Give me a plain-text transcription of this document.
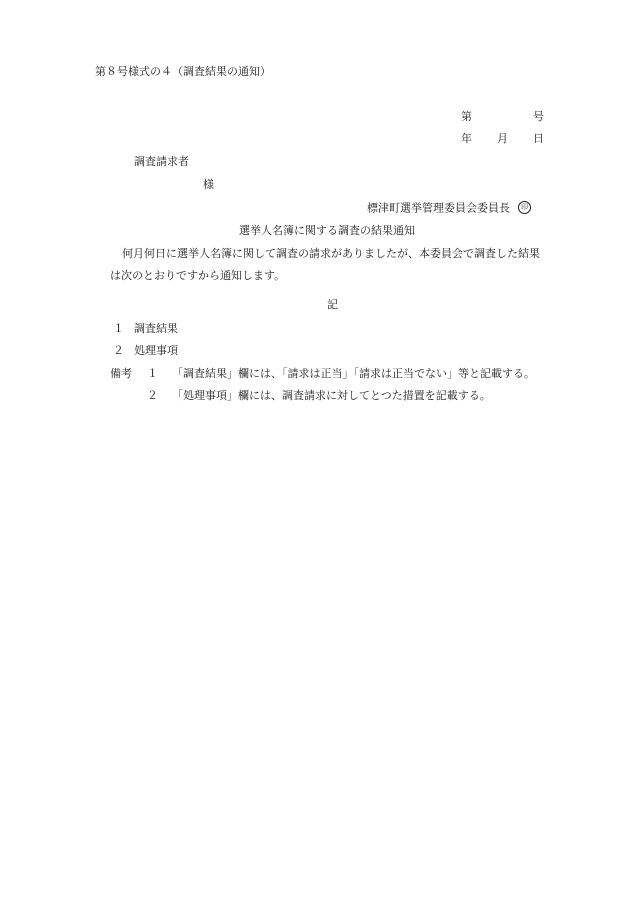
第８号様式の４（調査結果の通知）
第	号
年 月 日
調査請求者
様
標津町選挙管理委員会委員長 印
選挙人名簿に関する調査の結果通知
何月何日に選挙人名簿に関して調査の請求がありましたが、本委員会で調査した結果
は次のとおりですから通知します。
記
１ 調査結果
２ 処理事項
備考 １ 「調査結果」欄には、「請求は正当」「請求は正当でない」等と記載する。
２ 「処理事項」欄には、調査請求に対してとつた措置を記載する。
